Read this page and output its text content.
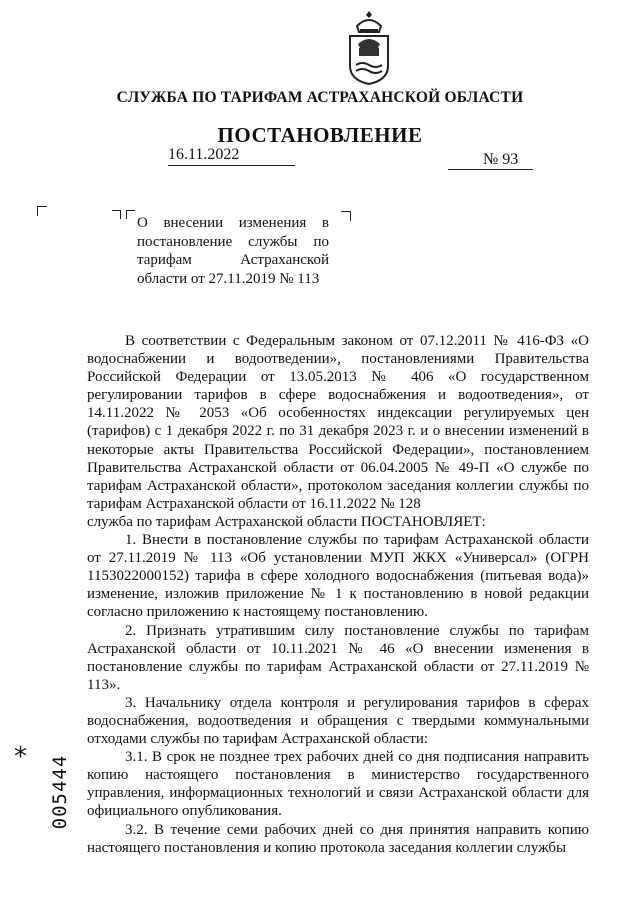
СЛУЖБА ПО ТАРИФАМ АСТРАХАНСКОЙ ОБЛАСТИ
ПОСТАНОВЛЕНИЕ
16.11.2022	№ 93
О внесении изменения в постановление службы по тарифам Астраханской области от 27.11.2019 № 113

В соответствии с Федеральным законом от 07.12.2011 № 416-ФЗ «О водоснабжении и водоотведении», постановлениями Правительства Российской Федерации от 13.05.2013 № 406 «О государственном регулировании тарифов в сфере водоснабжения и водоотведения», от 14.11.2022 № 2053 «Об особенностях индексации регулируемых цен (тарифов) с 1 декабря 2022 г. по 31 декабря 2023 г. и о внесении изменений в некоторые акты Правительства Российской Федерации», постановлением Правительства Астраханской области от 06.04.2005 № 49-П «О службе по тарифам Астраханской области», протоколом заседания коллегии службы по тарифам Астраханской области от 16.11.2022 № 128

служба по тарифам Астраханской области ПОСТАНОВЛЯЕТ:

1. Внести в постановление службы по тарифам Астраханской области от 27.11.2019 № 113 «Об установлении МУП ЖКХ «Универсал» (ОГРН 1153022000152) тарифа в сфере холодного водоснабжения (питьевая вода)» изменение, изложив приложение № 1 к постановлению в новой редакции согласно приложению к настоящему постановлению.

2. Признать утратившим силу постановление службы по тарифам Астраханской области от 10.11.2021 № 46 «О внесении изменения в постановление службы по тарифам Астраханской области от 27.11.2019 № 113».

3. Начальнику отдела контроля и регулирования тарифов в сферах водоснабжения, водоотведения и обращения с твердыми коммунальными отходами службы по тарифам Астраханской области:

3.1. В срок не позднее трех рабочих дней со дня подписания направить копию настоящего постановления в министерство государственного управления, информационных технологий и связи Астраханской области для официального опубликования.

3.2. В течение семи рабочих дней со дня принятия направить копию настоящего постановления и копию протокола заседания коллегии службы

* 005444
